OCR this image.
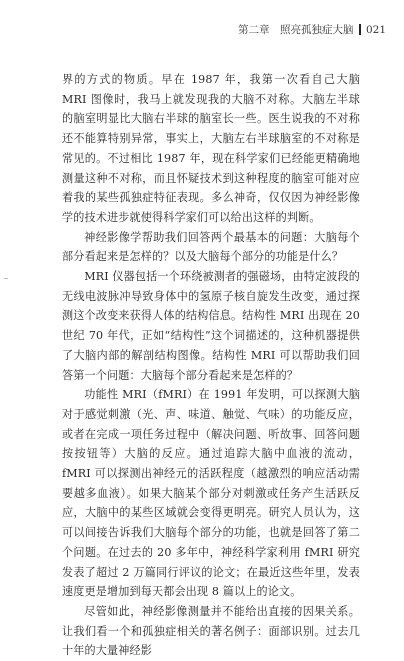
第二章　照亮孤独症大脑 021

界的方式的物质。早在 1987 年，我第一次看自己大脑 MRI 图像时，我马上就发现我的大脑不对称。大脑左半球的脑室明显比大脑右半球的脑室长一些。医生说我的不对称还不能算特别异常，事实上，大脑左右半球脑室的不对称是常见的。不过相比 1987 年，现在科学家们已经能更精确地测量这种不对称，而且怀疑技术到这种程度的脑室可能对应着我的某些孤独症特征表现。多么神奇，仅仅因为神经影像学的技术进步就使得科学家们可以给出这样的判断。

神经影像学帮助我们回答两个最基本的问题：大脑每个部分看起来是怎样的？以及大脑每个部分的功能是什么？

MRI 仪器包括一个环绕被测者的强磁场，由特定波段的无线电波脉冲导致身体中的氢原子核自旋发生改变，通过探测这个改变来获得人体的结构信息。结构性 MRI 出现在 20 世纪 70 年代，正如“结构性”这个词描述的，这种机器提供了大脑内部的解剖结构图像。结构性 MRI 可以帮助我们回答第一个问题：大脑每个部分看起来是怎样的？

功能性 MRI（fMRI）在 1991 年发明，可以探测大脑对于感觉刺激（光、声、味道、触觉、气味）的功能反应，或者在完成一项任务过程中（解决问题、听故事、回答问题按按钮等）大脑的反应。通过追踪大脑中血液的流动，fMRI 可以探测出神经元的活跃程度（越激烈的响应活动需要越多血液）。如果大脑某个部分对刺激或任务产生活跃反应，大脑中的某些区域就会变得更明亮。研究人员认为，这可以间接告诉我们大脑每个部分的功能，也就是回答了第二个问题。在过去的 20 多年中，神经科学家利用 fMRI 研究发表了超过 2 万篇同行评议的论文；在最近这些年里，发表速度更是增加到每天都会出现 8 篇以上的论文。

尽管如此，神经影像测量并不能给出直接的因果关系。让我们看一个和孤独症相关的著名例子：面部识别。过去几十年的大量神经影
